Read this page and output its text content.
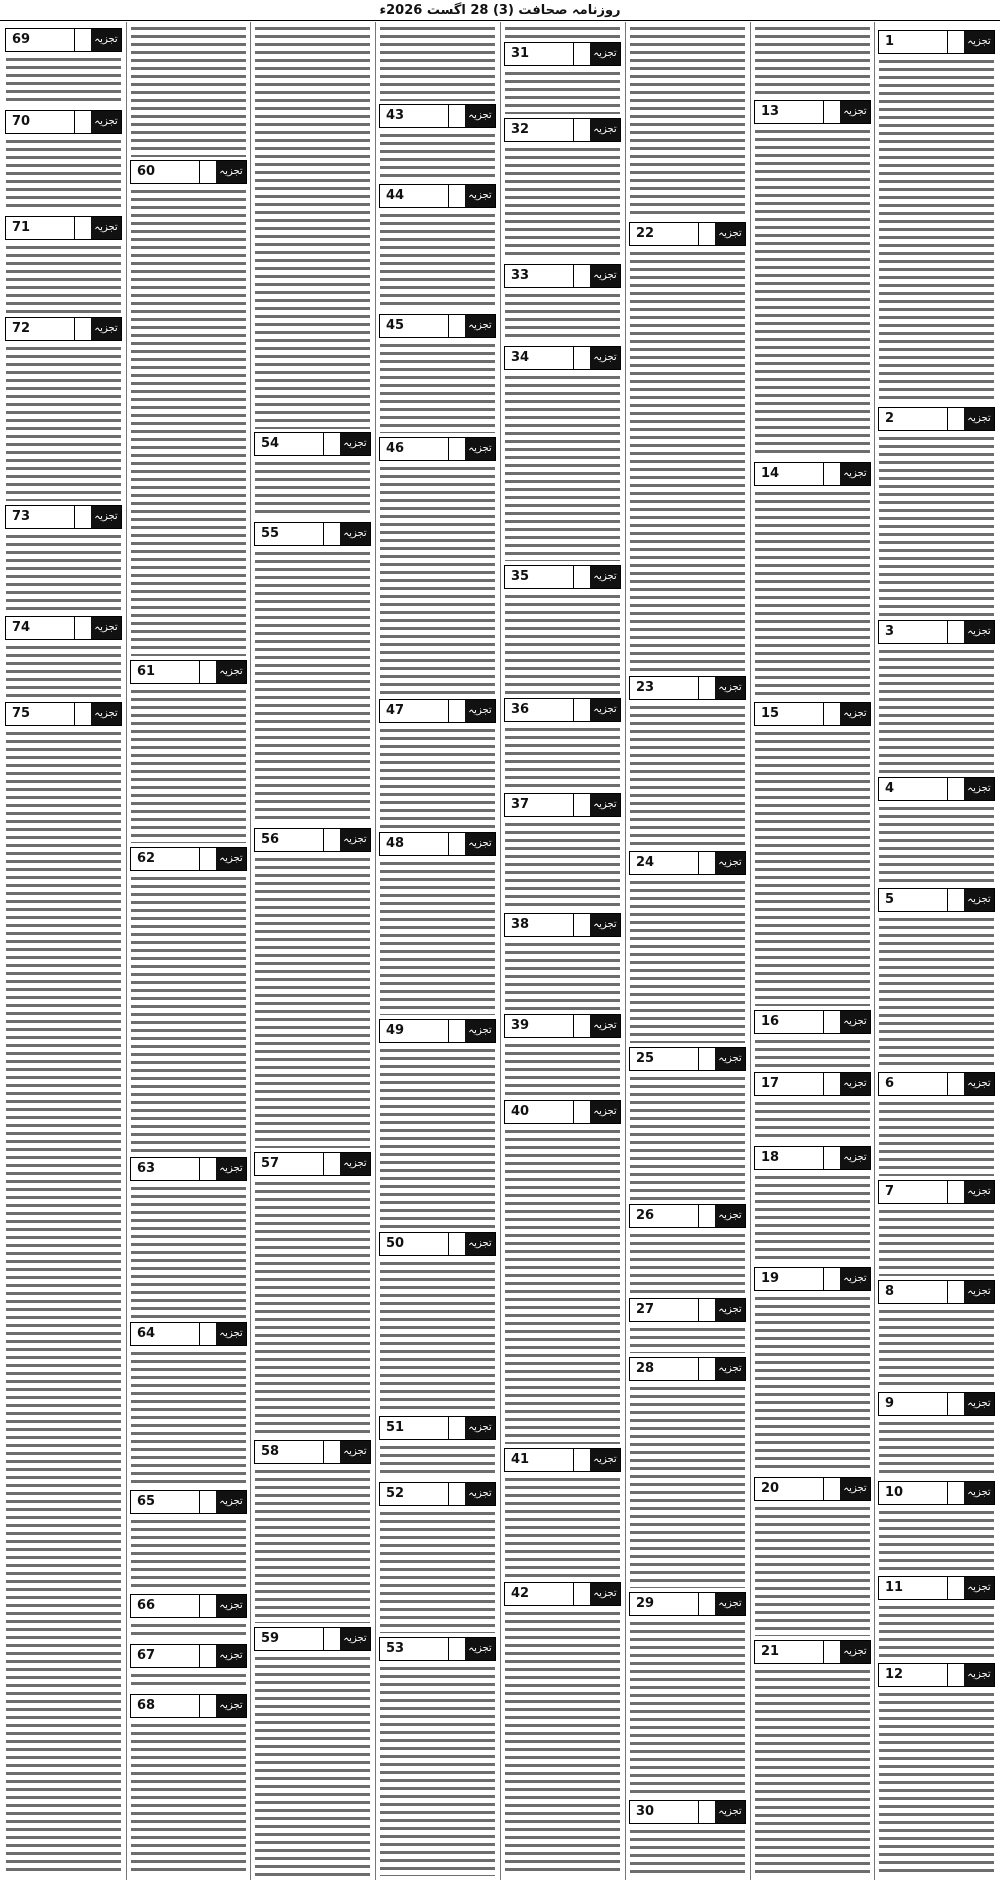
روزنامہ صحافت (3) 28 اگست 2026ء
1	تجزیہ
2	تجزیہ
3	تجزیہ
4	تجزیہ
5	تجزیہ
6	تجزیہ
7	تجزیہ
8	تجزیہ
9	تجزیہ
10	تجزیہ
11	تجزیہ
12	تجزیہ
13	تجزیہ
14	تجزیہ
15	تجزیہ
16	تجزیہ
17	تجزیہ
18	تجزیہ
19	تجزیہ
20	تجزیہ
21	تجزیہ
22	تجزیہ
23	تجزیہ
24	تجزیہ
25	تجزیہ
26	تجزیہ
27	تجزیہ
28	تجزیہ
29	تجزیہ
30	تجزیہ
31	تجزیہ
32	تجزیہ
33	تجزیہ
34	تجزیہ
35	تجزیہ
36	تجزیہ
37	تجزیہ
38	تجزیہ
39	تجزیہ
40	تجزیہ
41	تجزیہ
42	تجزیہ
43	تجزیہ
44	تجزیہ
45	تجزیہ
46	تجزیہ
47	تجزیہ
48	تجزیہ
49	تجزیہ
50	تجزیہ
51	تجزیہ
52	تجزیہ
53	تجزیہ
54	تجزیہ
55	تجزیہ
56	تجزیہ
57	تجزیہ
58	تجزیہ
59	تجزیہ
60	تجزیہ
61	تجزیہ
62	تجزیہ
63	تجزیہ
64	تجزیہ
65	تجزیہ
66	تجزیہ
67	تجزیہ
68	تجزیہ
69	تجزیہ
70	تجزیہ
71	تجزیہ
72	تجزیہ
73	تجزیہ
74	تجزیہ
75	تجزیہ
